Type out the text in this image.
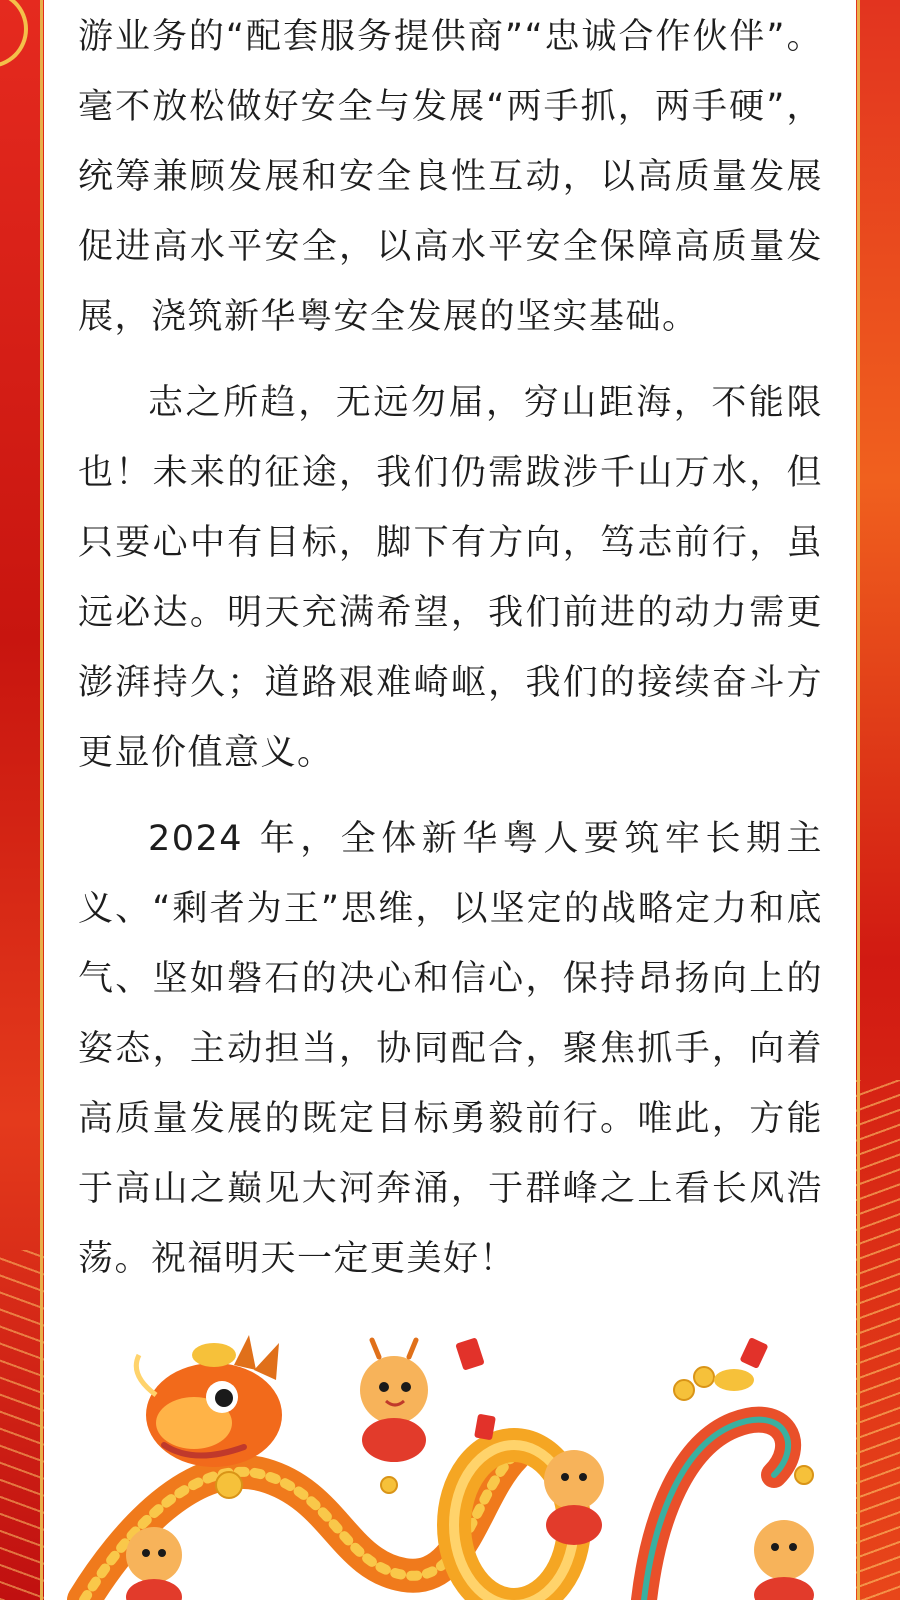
游业务的“配套服务提供商”“忠诚合作伙伴”。毫不放松做好安全与发展“两手抓，两手硬”，统筹兼顾发展和安全良性互动，以高质量发展促进高水平安全，以高水平安全保障高质量发展，浇筑新华粤安全发展的坚实基础。

志之所趋，无远勿届，穷山距海，不能限也！未来的征途，我们仍需跋涉千山万水，但只要心中有目标，脚下有方向，笃志前行，虽远必达。明天充满希望，我们前进的动力需更澎湃持久；道路艰难崎岖，我们的接续奋斗方更显价值意义。

2024 年，全体新华粤人要筑牢长期主义、“剩者为王”思维，以坚定的战略定力和底气、坚如磐石的决心和信心，保持昂扬向上的姿态，主动担当，协同配合，聚焦抓手，向着高质量发展的既定目标勇毅前行。唯此，方能于高山之巅见大河奔涌，于群峰之上看长风浩荡。祝福明天一定更美好！
